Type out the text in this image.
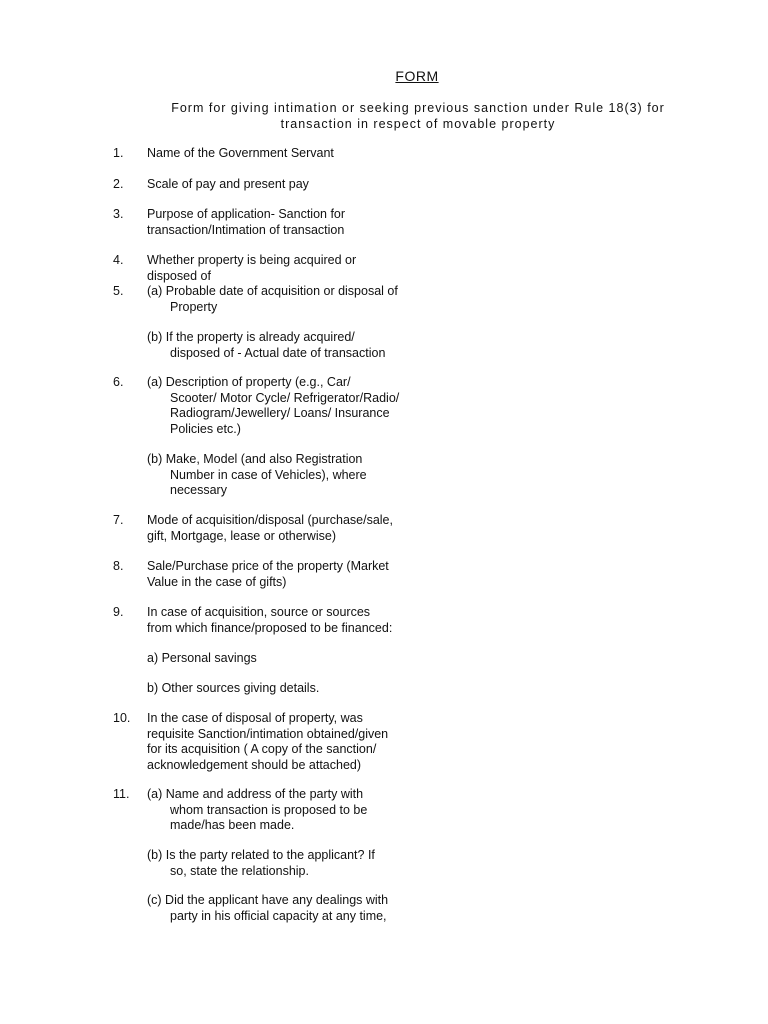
FORM
Form for giving intimation or seeking previous sanction under Rule 18(3) for
transaction in respect of movable property
1. Name of the Government Servant
2. Scale of pay and present pay
3. Purpose of application- Sanction for
transaction/Intimation of transaction
4. Whether property is being acquired or
disposed of
5. (a) Probable date of acquisition or disposal of
Property
(b) If the property is already acquired/
disposed of - Actual date of transaction
6. (a) Description of property (e.g., Car/
Scooter/ Motor Cycle/ Refrigerator/Radio/
Radiogram/Jewellery/ Loans/ Insurance
Policies etc.)
(b) Make, Model (and also Registration
Number in case of Vehicles), where
necessary
7. Mode of acquisition/disposal (purchase/sale,
gift, Mortgage, lease or otherwise)
8. Sale/Purchase price of the property (Market
Value in the case of gifts)
9. In case of acquisition, source or sources
from which finance/proposed to be financed:
a) Personal savings
b) Other sources giving details.
10. In the case of disposal of property, was
requisite Sanction/intimation obtained/given
for its acquisition ( A copy of the sanction/
acknowledgement should be attached)
11. (a) Name and address of the party with
whom transaction is proposed to be
made/has been made.
(b) Is the party related to the applicant? If
so, state the relationship.
(c) Did the applicant have any dealings with
party in his official capacity at any time,
